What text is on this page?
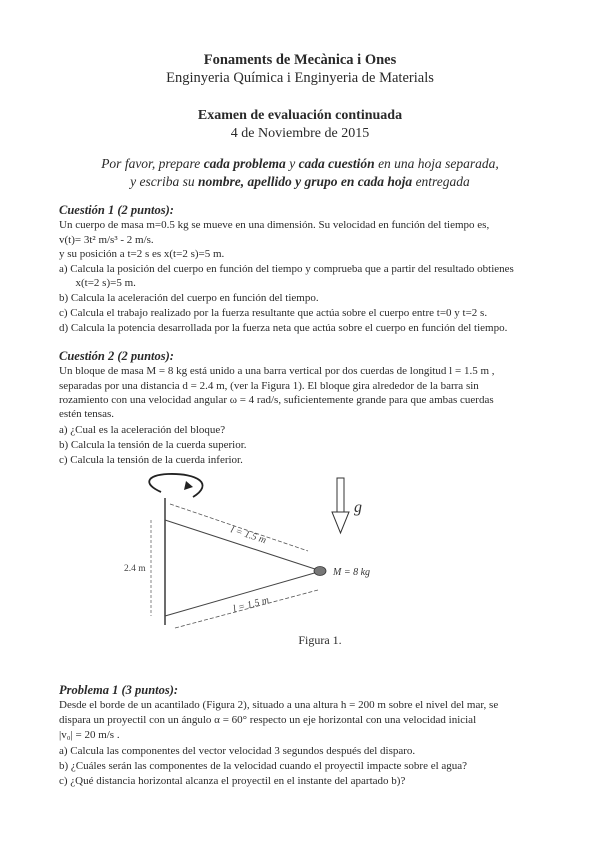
Fonaments de Mecànica i Ones
Enginyeria Química i Enginyeria de Materials
Examen de evaluación continuada
4 de Noviembre de 2015
Por favor, prepare cada problema y cada cuestión en una hoja separada,
y escriba su nombre, apellido y grupo en cada hoja entregada
Cuestión 1 (2 puntos):
Un cuerpo de masa m=0.5 kg se mueve en una dimensión. Su velocidad en función del tiempo es,
v(t)= 3t² m/s³ - 2 m/s.
y su posición a t=2 s es x(t=2 s)=5 m.
a) Calcula la posición del cuerpo en función del tiempo y comprueba que a partir del resultado obtienes
x(t=2 s)=5 m.
b) Calcula la aceleración del cuerpo en función del tiempo.
c) Calcula el trabajo realizado por la fuerza resultante que actúa sobre el cuerpo entre t=0 y t=2 s.
d) Calcula la potencia desarrollada por la fuerza neta que actúa sobre el cuerpo en función del tiempo.
Cuestión 2 (2 puntos):
Un bloque de masa M = 8 kg está unido a una barra vertical por dos cuerdas de longitud l = 1.5 m ,
separadas por una distancia d = 2.4 m, (ver la Figura 1). El bloque gira alrededor de la barra sin
rozamiento con una velocidad angular ω = 4 rad/s, suficientemente grande para que ambas cuerdas
estén tensas.
a) ¿Cual es la aceleración del bloque?
b) Calcula la tensión de la cuerda superior.
c) Calcula la tensión de la cuerda inferior.
l = 1.5 m
l = 1.5 m
2.4 m	M = 8 kg
g
Figura 1.
Problema 1 (3 puntos):
Desde el borde de un acantilado (Figura 2), situado a una altura h = 200 m sobre el nivel del mar, se
dispara un proyectil con un ángulo α = 60° respecto un eje horizontal con una velocidad inicial
|v₀| = 20 m/s .
a) Calcula las componentes del vector velocidad 3 segundos después del disparo.
b) ¿Cuáles serán las componentes de la velocidad cuando el proyectil impacte sobre el agua?
c) ¿Qué distancia horizontal alcanza el proyectil en el instante del apartado b)?
